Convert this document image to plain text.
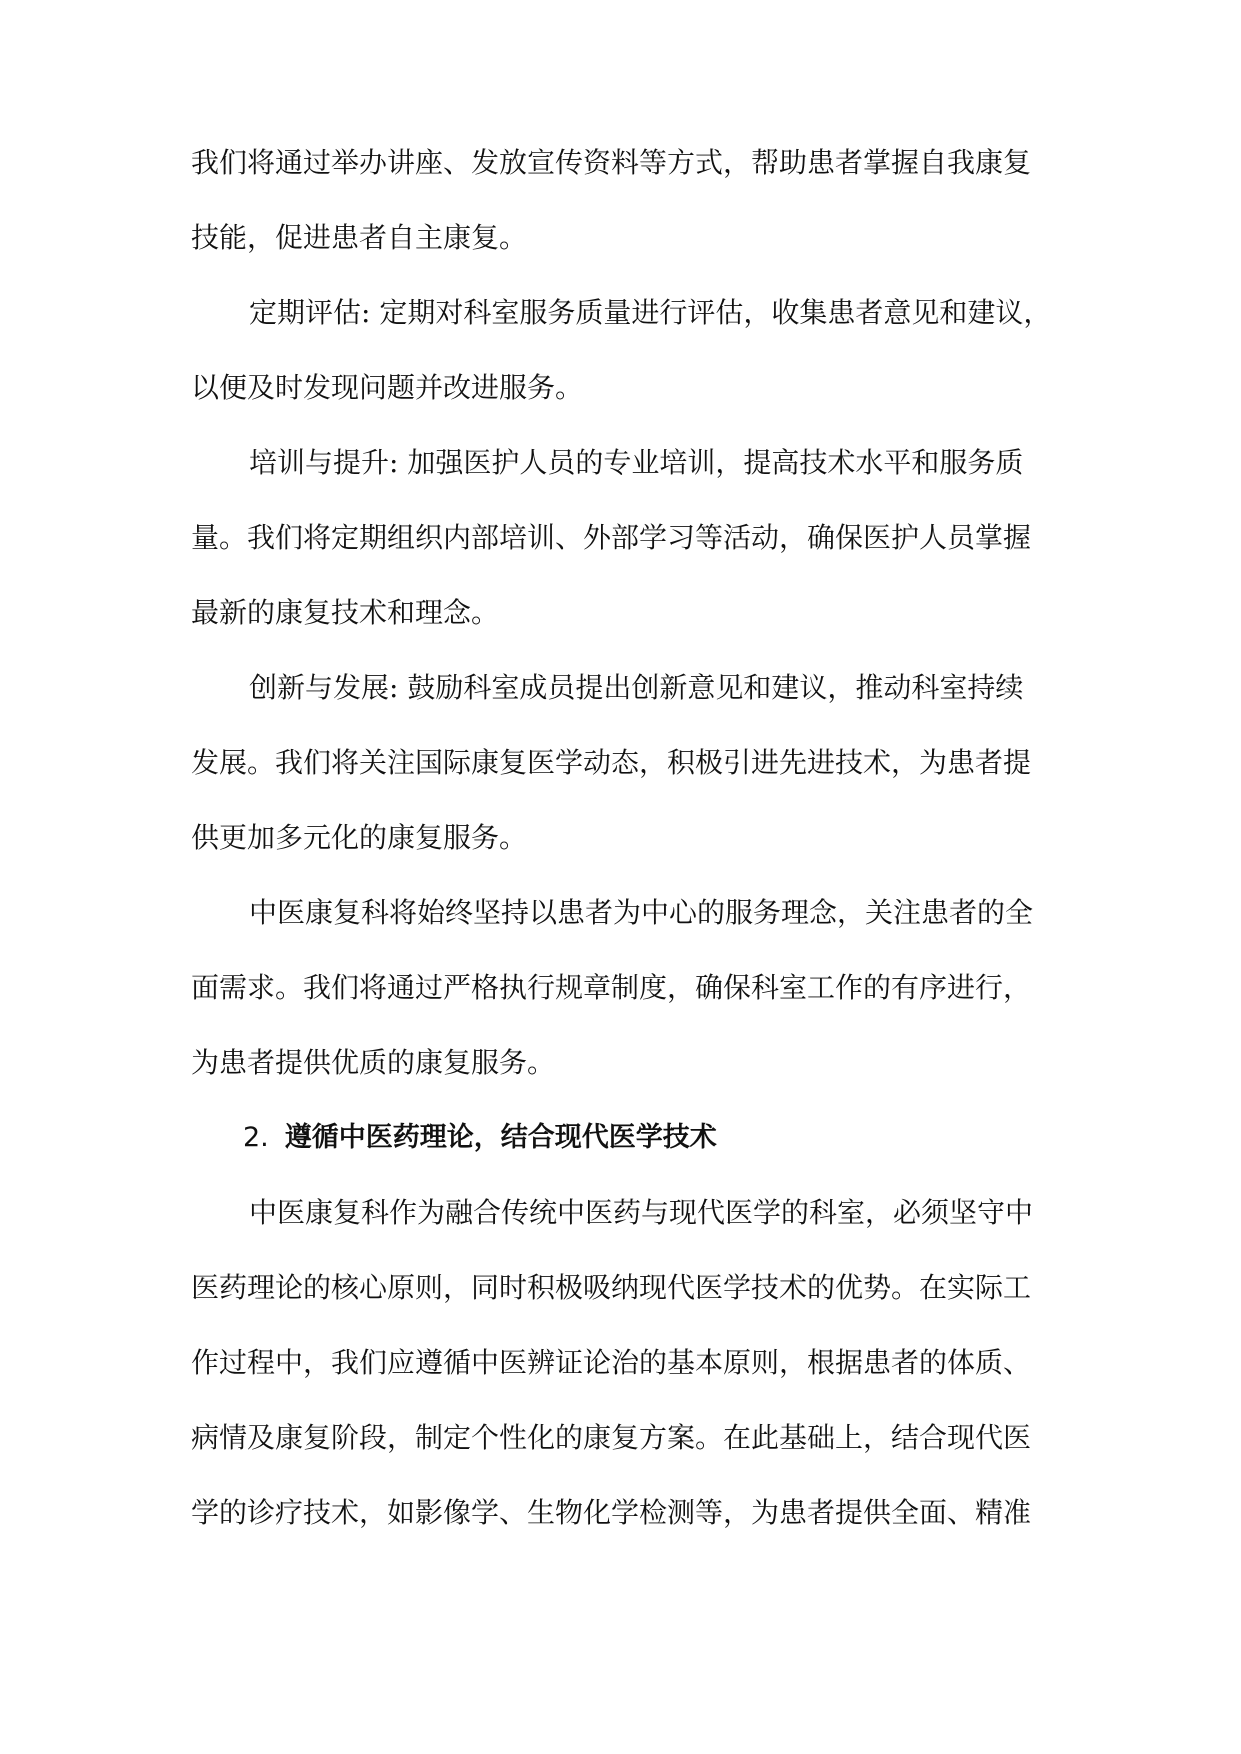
我们将通过举办讲座、发放宣传资料等方式，帮助患者掌握自我康复
技能，促进患者自主康复。
定期评估: 定期对科室服务质量进行评估，收集患者意见和建议，
以便及时发现问题并改进服务。
培训与提升: 加强医护人员的专业培训，提高技术水平和服务质
量。我们将定期组织内部培训、外部学习等活动，确保医护人员掌握
最新的康复技术和理念。
创新与发展: 鼓励科室成员提出创新意见和建议，推动科室持续
发展。我们将关注国际康复医学动态，积极引进先进技术，为患者提
供更加多元化的康复服务。
中医康复科将始终坚持以患者为中心的服务理念，关注患者的全
面需求。我们将通过严格执行规章制度，确保科室工作的有序进行，
为患者提供优质的康复服务。
2. 遵循中医药理论，结合现代医学技术
中医康复科作为融合传统中医药与现代医学的科室，必须坚守中
医药理论的核心原则，同时积极吸纳现代医学技术的优势。在实际工
作过程中，我们应遵循中医辨证论治的基本原则，根据患者的体质、
病情及康复阶段，制定个性化的康复方案。在此基础上，结合现代医
学的诊疗技术，如影像学、生物化学检测等，为患者提供全面、精准
